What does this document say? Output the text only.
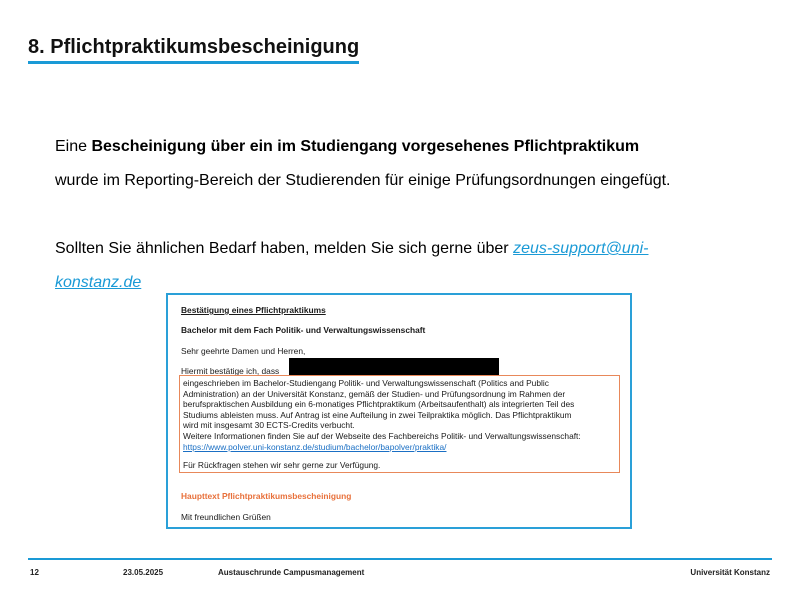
8. Pflichtpraktikumsbescheinigung

Eine Bescheinigung über ein im Studiengang vorgesehenes Pflichtpraktikum

wurde im Reporting-Bereich der Studierenden für einige Prüfungsordnungen eingefügt.

Sollten Sie ähnlichen Bedarf haben, melden Sie sich gerne über zeus-support@uni-

konstanz.de

Bestätigung eines Pflichtpraktikums
Bachelor mit dem Fach Politik- und Verwaltungswissenschaft
Sehr geehrte Damen und Herren,
Hiermit bestätige ich, dass
eingeschrieben im Bachelor-Studiengang Politik- und Verwaltungswissenschaft (Politics and Public
Administration) an der Universität Konstanz, gemäß der Studien- und Prüfungsordnung im Rahmen der
berufspraktischen Ausbildung ein 6-monatiges Pflichtpraktikum (Arbeitsaufenthalt) als integrierten Teil des
Studiums ableisten muss. Auf Antrag ist eine Aufteilung in zwei Teilpraktika möglich. Das Pflichtpraktikum
wird mit insgesamt 30 ECTS-Credits verbucht.
Weitere Informationen finden Sie auf der Webseite des Fachbereichs Politik- und Verwaltungswissenschaft:
https://www.polver.uni-konstanz.de/studium/bachelor/bapolver/praktika/
Für Rückfragen stehen wir sehr gerne zur Verfügung.
Haupttext Pflichtpraktikumsbescheinigung
Mit freundlichen Grüßen
12	23.05.2025	Austauschrunde Campusmanagement	Universität Konstanz
